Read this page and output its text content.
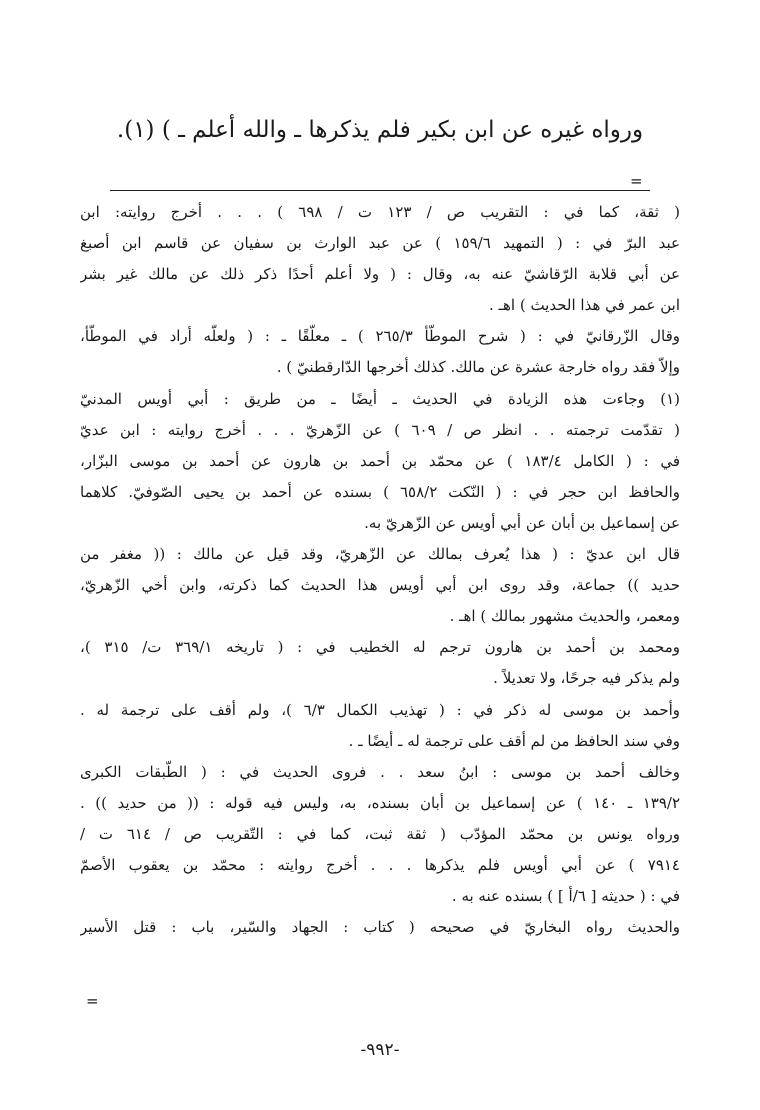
ورواه غيره عن ابن بكير فلم يذكرها ـ والله أعلم ـ ) (١).
=
( ثقة، كما في : التقريب ص / ١٢٣ ت / ٦٩٨ ) . . . أخرج روايته: ابن
عبد البرّ في : ( التمهيد ١٥٩/٦ ) عن عبد الوارث بن سفيان عن قاسم ابن أصبغ
عن أبي قلابة الرّقاشيّ عنه به، وقال : ( ولا أعلم أحدًا ذكر ذلك عن مالك غير بشر
ابن عمر في هذا الحديث ) اهـ .
وقال الزّرقانيّ في : ( شرح الموطّأ ٢٦٥/٣ ) ـ معلّقًا ـ : ( ولعلّه أراد في الموطّأ،
وإلاّ فقد رواه خارجة عشرة عن مالك. كذلك أخرجها الدّارقطنيّ ) .
(١) وجاءت هذه الزيادة في الحديث ـ أيضًا ـ من طريق : أبي أويس المدنيّ
( تقدّمت ترجمته . . انظر ص / ٦٠٩ ) عن الزّهريّ . . . أخرج روايته : ابن عديّ
في : ( الكامل ١٨٣/٤ ) عن محمّد بن أحمد بن هارون عن أحمد بن موسى البزّار،
والحافظ ابن حجر في : ( النّكت ٦٥٨/٢ ) بسنده عن أحمد بن يحيى الصّوفيّ. كلاهما
عن إسماعيل بن أبان عن أبي أويس عن الزّهريّ به.
قال ابن عديّ : ( هذا يُعرف بمالك عن الزّهريّ، وقد قيل عن مالك : (( مغفر من
حديد )) جماعة، وقد روى ابن أبي أويس هذا الحديث كما ذكرته، وابن أخي الزّهريّ،
ومعمر، والحديث مشهور بمالك ) اهـ .
ومحمد بن أحمد بن هارون ترجم له الخطيب في : ( تاريخه ٣٦٩/١ ت/ ٣١٥ )،
ولم يذكر فيه جرحًا، ولا تعديلاً .
وأحمد بن موسى له ذكر في : ( تهذيب الكمال ٦/٣ )، ولم أقف على ترجمة له .
وفي سند الحافظ من لم أقف على ترجمة له ـ أيضًا ـ .
وخالف أحمد بن موسى : ابنُ سعد . . فروى الحديث في : ( الطّبقات الكبرى
١٣٩/٢ ـ ١٤٠ ) عن إسماعيل بن أبان بسنده، به، وليس فيه قوله : (( من حديد )) .
ورواه يونس بن محمّد المؤدّب ( ثقة ثبت، كما في : التّقريب ص / ٦١٤ ت /
٧٩١٤ ) عن أبي أويس فلم يذكرها . . . أخرج روايته : محمّد بن يعقوب الأصمّ
في : ( حديثه [ ٦/أ ] ) بسنده عنه به .
والحديث رواه البخاريّ في صحيحه ( كتاب : الجهاد والسّير، باب : قتل الأسير
=
-٩٩٢-
